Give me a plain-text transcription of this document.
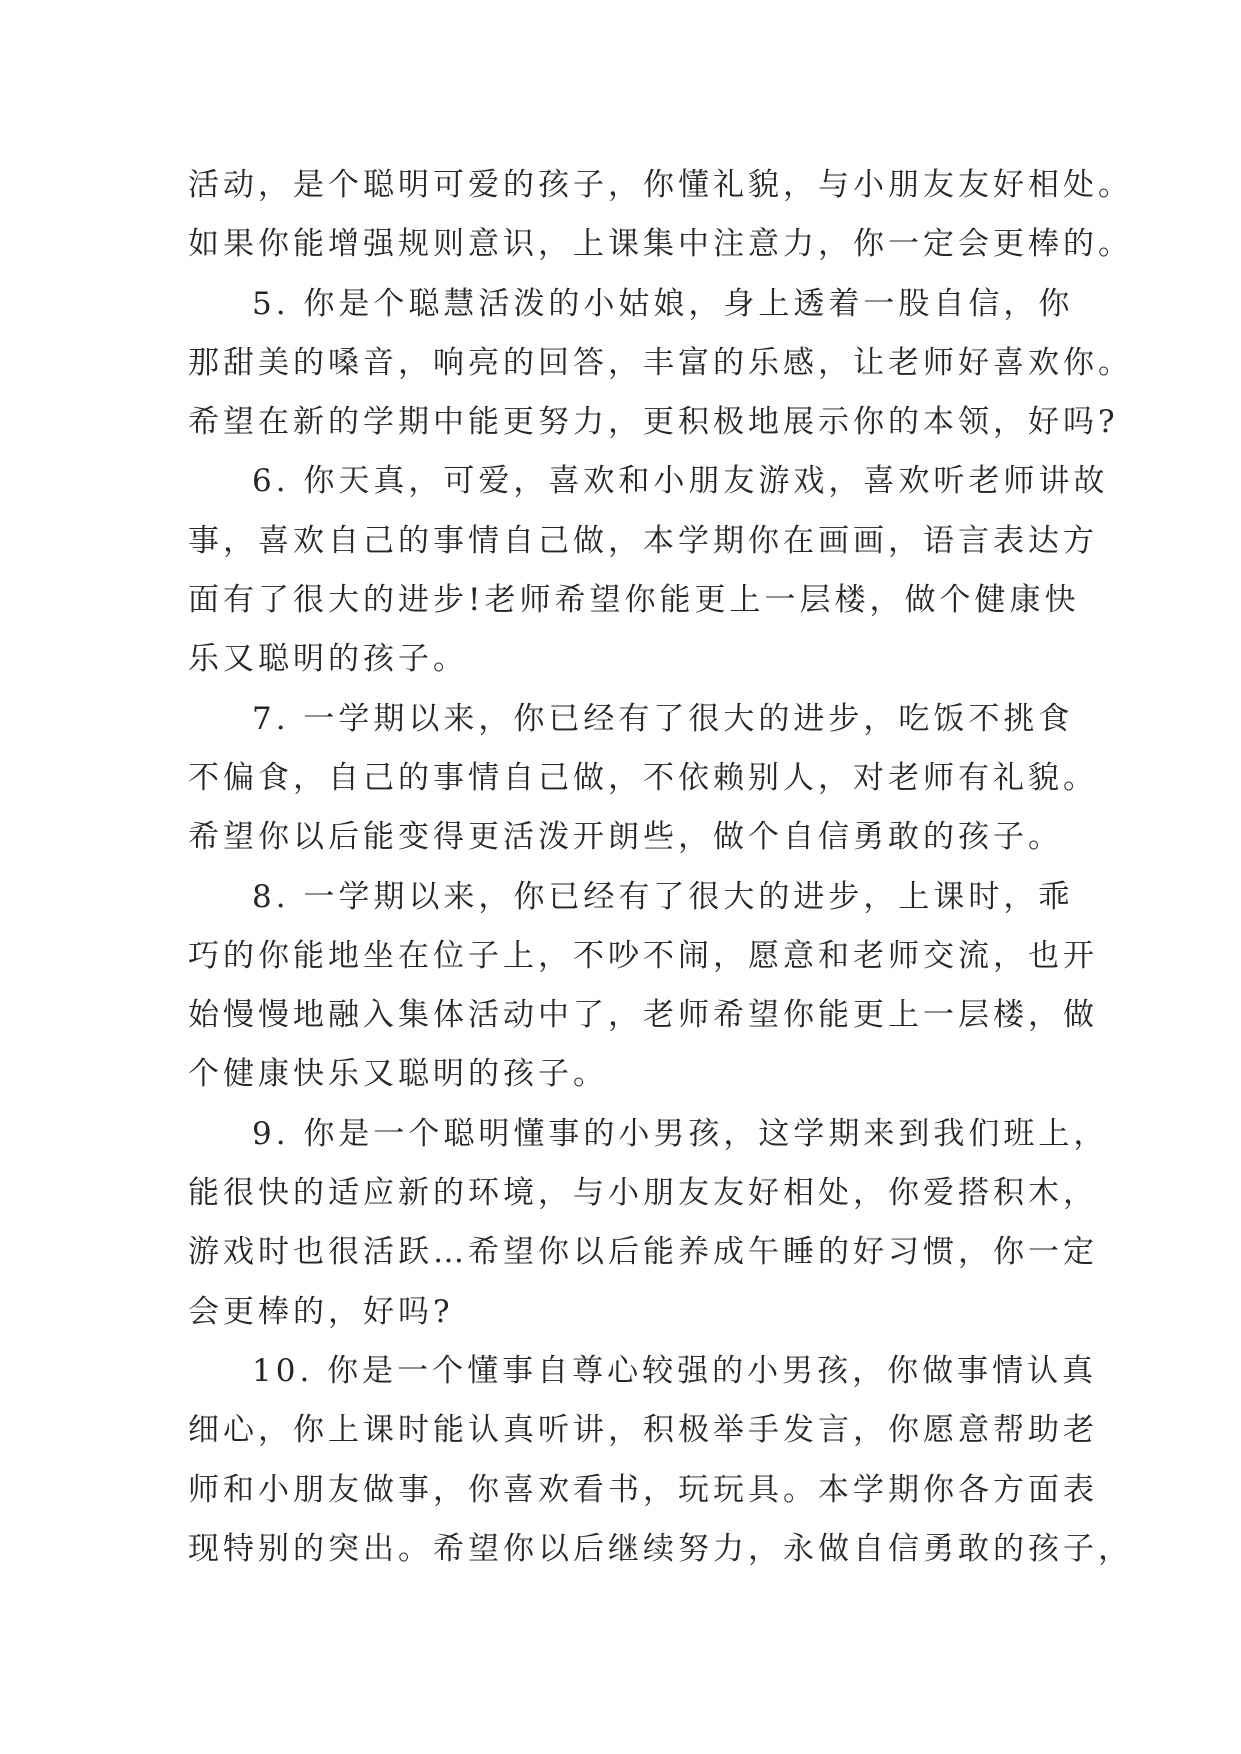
活动，是个聪明可爱的孩子，你懂礼貌，与小朋友友好相处。
如果你能增强规则意识，上课集中注意力，你一定会更棒的。
5. 你是个聪慧活泼的小姑娘，身上透着一股自信，你
那甜美的嗓音，响亮的回答，丰富的乐感，让老师好喜欢你。
希望在新的学期中能更努力，更积极地展示你的本领，好吗?
6. 你天真，可爱，喜欢和小朋友游戏，喜欢听老师讲故
事，喜欢自己的事情自己做，本学期你在画画，语言表达方
面有了很大的进步!老师希望你能更上一层楼，做个健康快
乐又聪明的孩子。
7. 一学期以来，你已经有了很大的进步，吃饭不挑食
不偏食，自己的事情自己做，不依赖别人，对老师有礼貌。
希望你以后能变得更活泼开朗些，做个自信勇敢的孩子。
8. 一学期以来，你已经有了很大的进步，上课时，乖
巧的你能地坐在位子上，不吵不闹，愿意和老师交流，也开
始慢慢地融入集体活动中了，老师希望你能更上一层楼，做
个健康快乐又聪明的孩子。
9. 你是一个聪明懂事的小男孩，这学期来到我们班上，
能很快的适应新的环境，与小朋友友好相处，你爱搭积木，
游戏时也很活跃…希望你以后能养成午睡的好习惯，你一定
会更棒的，好吗?
10. 你是一个懂事自尊心较强的小男孩，你做事情认真
细心，你上课时能认真听讲，积极举手发言，你愿意帮助老
师和小朋友做事，你喜欢看书，玩玩具。本学期你各方面表
现特别的突出。希望你以后继续努力，永做自信勇敢的孩子，
